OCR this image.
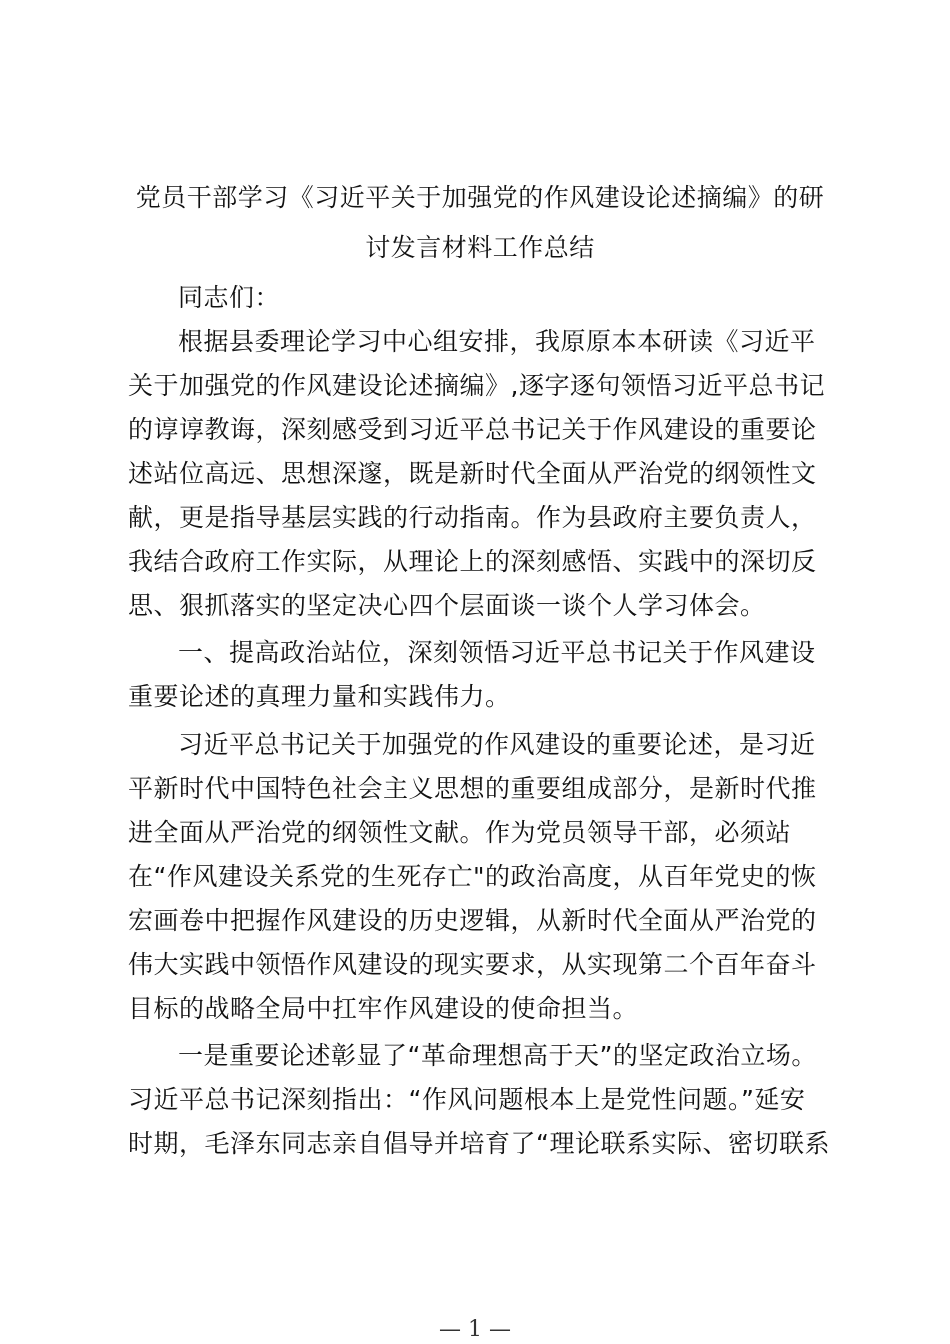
党员干部学习《习近平关于加强党的作风建设论述摘编》的研
讨发言材料工作总结
同志们：
根据县委理论学习中心组安排，我原原本本研读《习近平
关于加强党的作风建设论述摘编》,逐字逐句领悟习近平总书记
的谆谆教诲，深刻感受到习近平总书记关于作风建设的重要论
述站位高远、思想深邃，既是新时代全面从严治党的纲领性文
献，更是指导基层实践的行动指南。作为县政府主要负责人，
我结合政府工作实际，从理论上的深刻感悟、实践中的深切反
思、狠抓落实的坚定决心四个层面谈一谈个人学习体会。
一、提高政治站位，深刻领悟习近平总书记关于作风建设
重要论述的真理力量和实践伟力。
习近平总书记关于加强党的作风建设的重要论述，是习近
平新时代中国特色社会主义思想的重要组成部分，是新时代推
进全面从严治党的纲领性文献。作为党员领导干部，必须站
在“作风建设关系党的生死存亡"的政治高度，从百年党史的恢
宏画卷中把握作风建设的历史逻辑，从新时代全面从严治党的
伟大实践中领悟作风建设的现实要求，从实现第二个百年奋斗
目标的战略全局中扛牢作风建设的使命担当。
一是重要论述彰显了“革命理想高于天”的坚定政治立场。
习近平总书记深刻指出：“作风问题根本上是党性问题。”延安
时期，毛泽东同志亲自倡导并培育了“理论联系实际、密切联系
— 1 —
